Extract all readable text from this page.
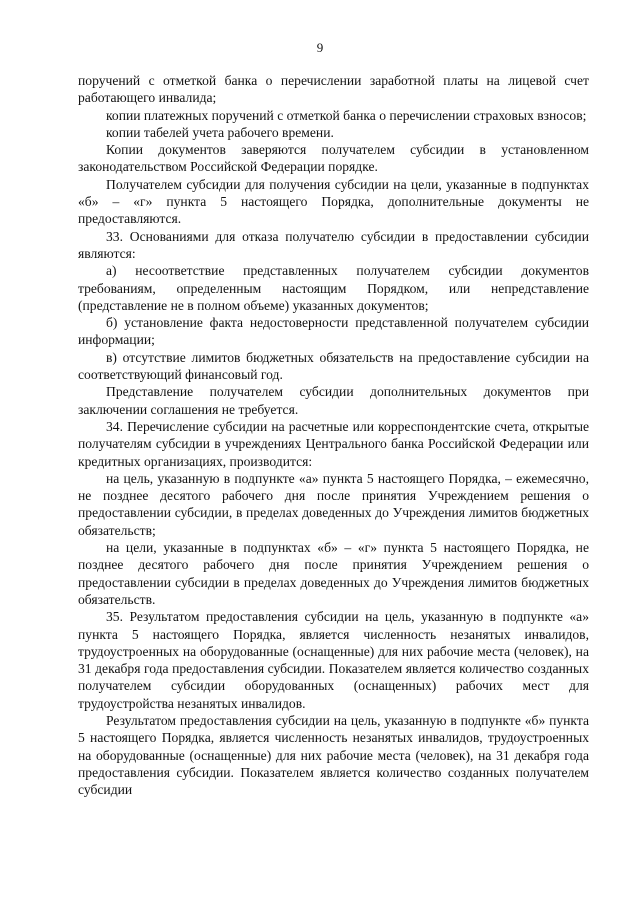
9

поручений с отметкой банка о перечислении заработной платы на лицевой счет работающего инвалида;

копии платежных поручений с отметкой банка о перечислении страховых взносов;

копии табелей учета рабочего времени.

Копии документов заверяются получателем субсидии в установленном законодательством Российской Федерации порядке.

Получателем субсидии для получения субсидии на цели, указанные в подпунктах «б» – «г» пункта 5 настоящего Порядка, дополнительные документы не предоставляются.

33. Основаниями для отказа получателю субсидии в предоставлении субсидии являются:

а) несоответствие представленных получателем субсидии документов требованиям, определенным настоящим Порядком, или непредставление (представление не в полном объеме) указанных документов;

б) установление факта недостоверности представленной получателем субсидии информации;

в) отсутствие лимитов бюджетных обязательств на предоставление субсидии на соответствующий финансовый год.

Представление получателем субсидии дополнительных документов при заключении соглашения не требуется.

34. Перечисление субсидии на расчетные или корреспондентские счета, открытые получателям субсидии в учреждениях Центрального банка Российской Федерации или кредитных организациях, производится:

на цель, указанную в подпункте «а» пункта 5 настоящего Порядка, – ежемесячно, не позднее десятого рабочего дня после принятия Учреждением решения о предоставлении субсидии, в пределах доведенных до Учреждения лимитов бюджетных обязательств;

на цели, указанные в подпунктах «б» – «г» пункта 5 настоящего Порядка, не позднее десятого рабочего дня после принятия Учреждением решения о предоставлении субсидии в пределах доведенных до Учреждения лимитов бюджетных обязательств.

35. Результатом предоставления субсидии на цель, указанную в подпункте «а» пункта 5 настоящего Порядка, является численность незанятых инвалидов, трудоустроенных на оборудованные (оснащенные) для них рабочие места (человек), на 31 декабря года предоставления субсидии. Показателем является количество созданных получателем субсидии оборудованных (оснащенных) рабочих мест для трудоустройства незанятых инвалидов.

Результатом предоставления субсидии на цель, указанную в подпункте «б» пункта 5 настоящего Порядка, является численность незанятых инвалидов, трудоустроенных на оборудованные (оснащенные) для них рабочие места (человек), на 31 декабря года предоставления субсидии. Показателем является количество созданных получателем субсидии
